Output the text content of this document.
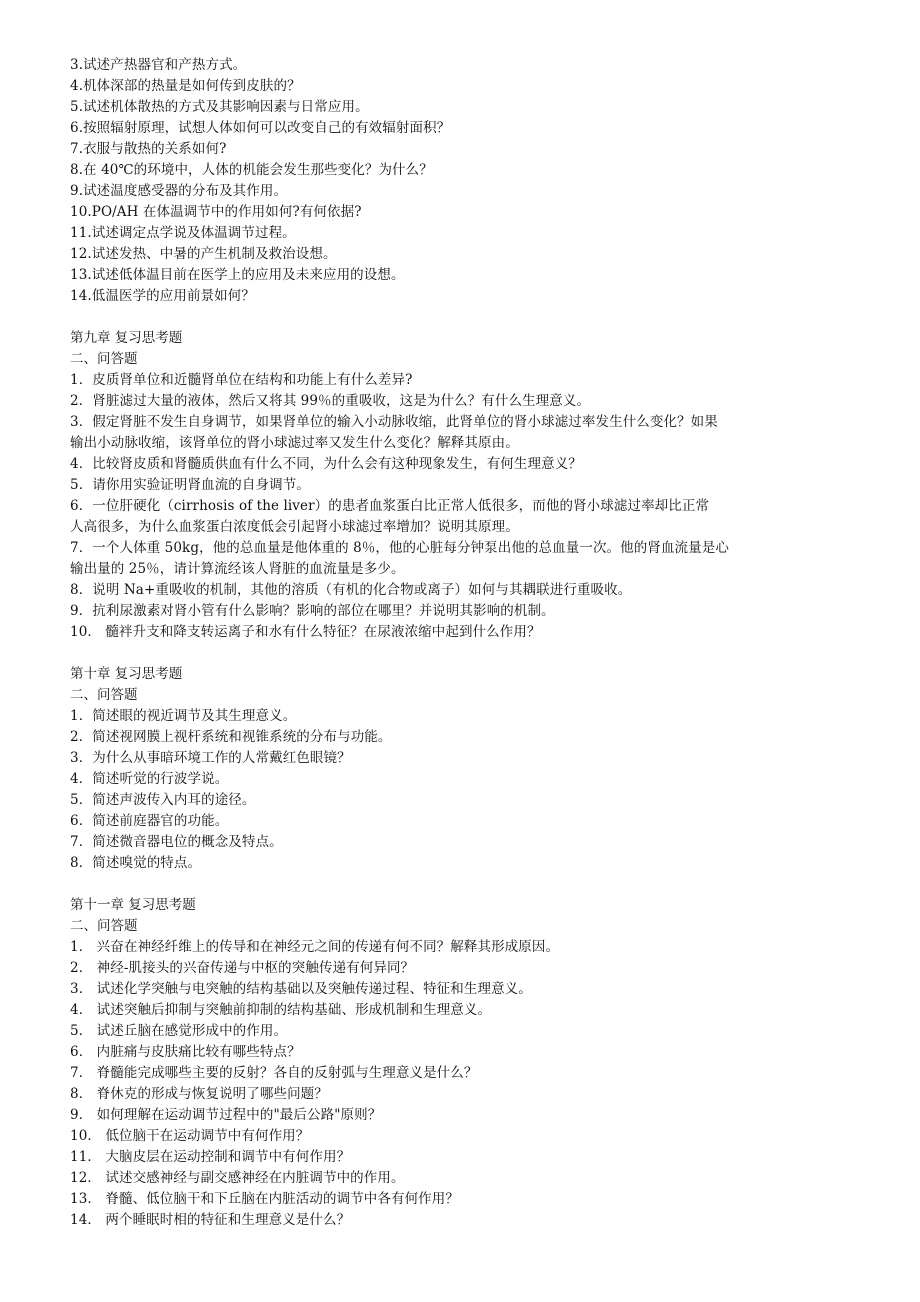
3.试述产热器官和产热方式。
4.机体深部的热量是如何传到皮肤的？
5.试述机体散热的方式及其影响因素与日常应用。
6.按照辐射原理，试想人体如何可以改变自己的有效辐射面积？
7.衣服与散热的关系如何?
8.在 40℃的环境中，人体的机能会发生那些变化？为什么？
9.试述温度感受器的分布及其作用。
10.PO/AH 在体温调节中的作用如何?有何依据?
11.试述调定点学说及体温调节过程。
12.试述发热、中暑的产生机制及救治设想。
13.试述低体温目前在医学上的应用及未来应用的设想。
14.低温医学的应用前景如何？
第九章 复习思考题
二、问答题
1．皮质肾单位和近髓肾单位在结构和功能上有什么差异?
2．肾脏滤过大量的液体，然后又将其 99％的重吸收，这是为什么？有什么生理意义。
3．假定肾脏不发生自身调节，如果肾单位的输入小动脉收缩，此肾单位的肾小球滤过率发生什么变化？如果
输出小动脉收缩，该肾单位的肾小球滤过率又发生什么变化？解释其原由。
4．比较肾皮质和肾髓质供血有什么不同，为什么会有这种现象发生，有何生理意义？
5．请你用实验证明肾血流的自身调节。
6．一位肝硬化（cirrhosis of the liver）的患者血浆蛋白比正常人低很多，而他的肾小球滤过率却比正常
人高很多，为什么血浆蛋白浓度低会引起肾小球滤过率增加？说明其原理。
7．一个人体重 50kg，他的总血量是他体重的 8％，他的心脏每分钟泵出他的总血量一次。他的肾血流量是心
输出量的 25％，请计算流经该人肾脏的血流量是多少。
8．说明 Na+重吸收的机制，其他的溶质（有机的化合物或离子）如何与其耦联进行重吸收。
9．抗利尿激素对肾小管有什么影响？影响的部位在哪里？并说明其影响的机制。
10． 髓袢升支和降支转运离子和水有什么特征？在尿液浓缩中起到什么作用？
第十章 复习思考题
二、问答题
1．简述眼的视近调节及其生理意义。
2．简述视网膜上视杆系统和视锥系统的分布与功能。
3．为什么从事暗环境工作的人常戴红色眼镜？
4．简述听觉的行波学说。
5．简述声波传入内耳的途径。
6．简述前庭器官的功能。
7．简述微音器电位的概念及特点。
8．简述嗅觉的特点。
第十一章 复习思考题
二、问答题
1． 兴奋在神经纤维上的传导和在神经元之间的传递有何不同？解释其形成原因。
2． 神经-肌接头的兴奋传递与中枢的突触传递有何异同？
3． 试述化学突触与电突触的结构基础以及突触传递过程、特征和生理意义。
4． 试述突触后抑制与突触前抑制的结构基础、形成机制和生理意义。
5． 试述丘脑在感觉形成中的作用。
6． 内脏痛与皮肤痛比较有哪些特点？
7． 脊髓能完成哪些主要的反射？各自的反射弧与生理意义是什么？
8． 脊休克的形成与恢复说明了哪些问题？
9． 如何理解在运动调节过程中的"最后公路"原则？
10． 低位脑干在运动调节中有何作用？
11． 大脑皮层在运动控制和调节中有何作用？
12． 试述交感神经与副交感神经在内脏调节中的作用。
13． 脊髓、低位脑干和下丘脑在内脏活动的调节中各有何作用？
14． 两个睡眠时相的特征和生理意义是什么？
